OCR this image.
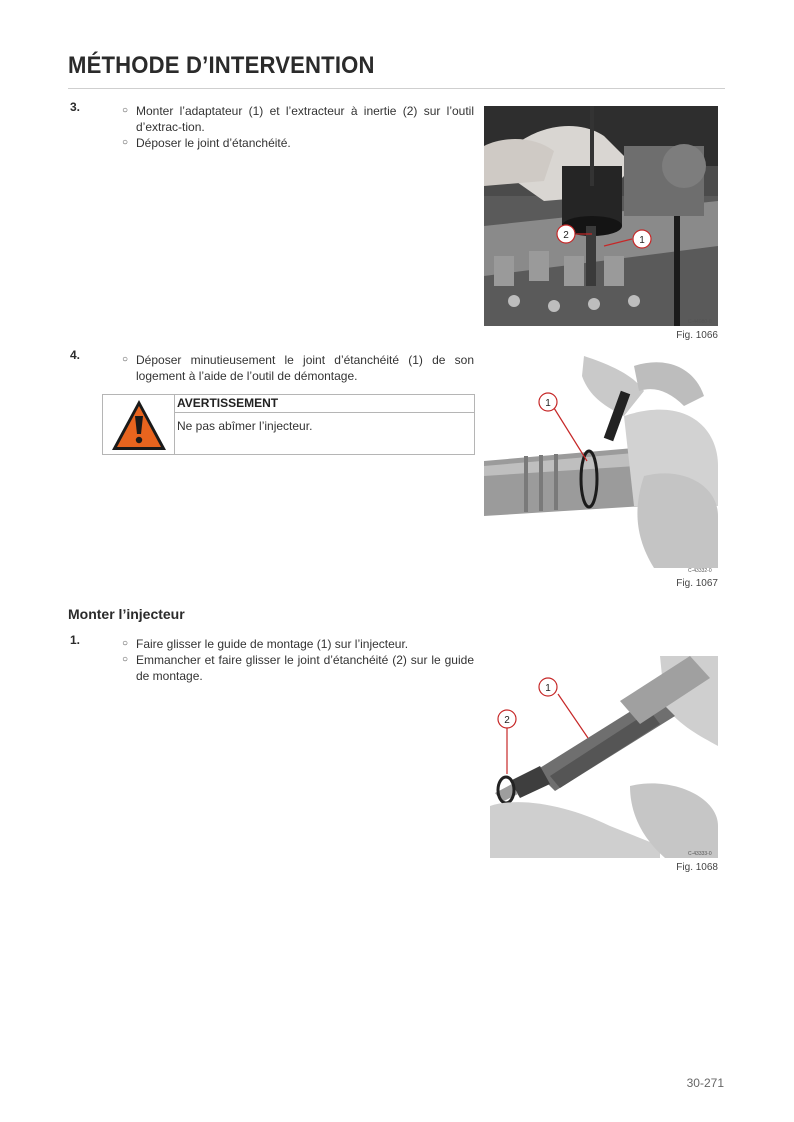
MÉTHODE D’INTERVENTION
3.	○ Monter l’adaptateur (1) et l’extracteur à inertie (2) sur l’outil d’extrac-tion.
○ Déposer le joint d’étanchéité.
2	1
C-44980-0
Fig. 1066
4.	○ Déposer minutieusement le joint d’étanchéité (1) de son logement à l’aide de l’outil de démontage.
AVERTISSEMENT
Ne pas abîmer l’injecteur.
1
C-43332-0
Fig. 1067
Monter l’injecteur
1.	○ Faire glisser le guide de montage (1) sur l’injecteur.
○ Emmancher et faire glisser le joint d’étanchéité (2) sur le guide de montage.
1
2
C-43333-0
Fig. 1068
30-271
